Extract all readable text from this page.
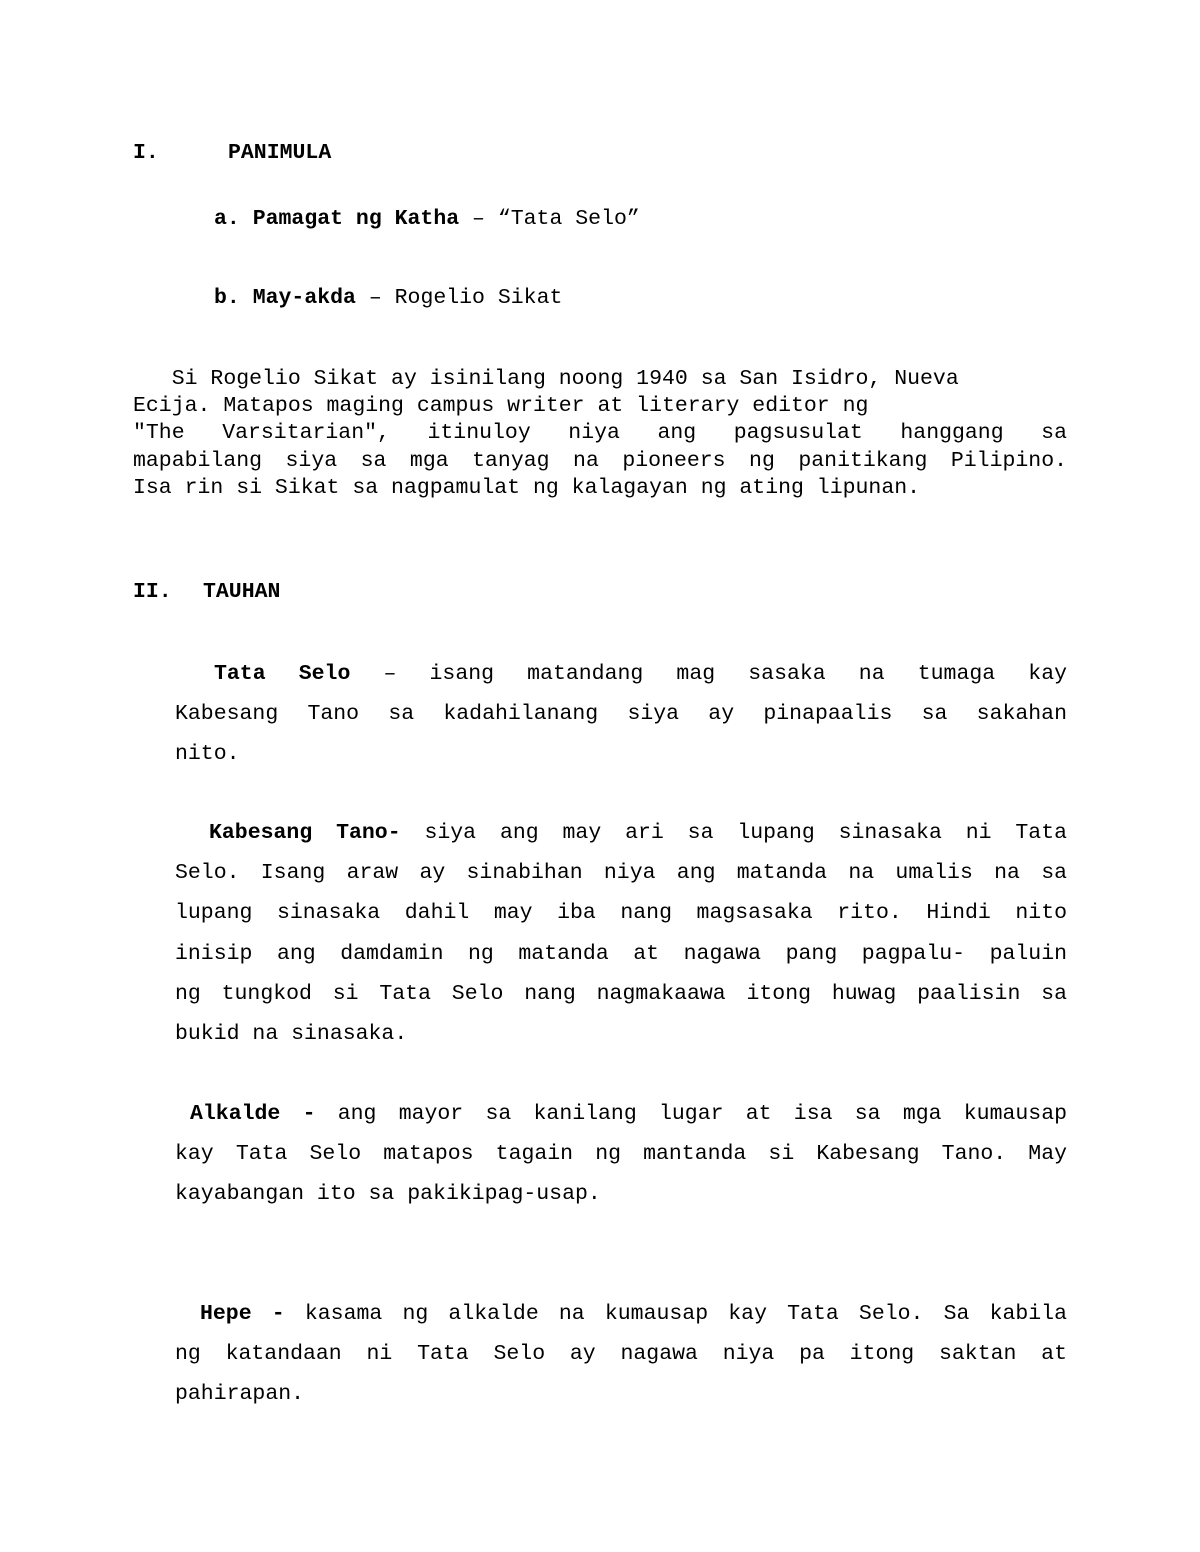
I.	PANIMULA
a. Pamagat ng Katha – “Tata Selo”
b. May-akda – Rogelio Sikat
Si Rogelio Sikat ay isinilang noong 1940 sa San Isidro, Nueva
Ecija. Matapos maging campus writer at literary editor ng
"The Varsitarian", itinuloy niya ang pagsusulat hanggang sa
mapabilang siya sa mga tanyag na pioneers ng panitikang Pilipino.
Isa rin si Sikat sa nagpamulat ng kalagayan ng ating lipunan.
II. TAUHAN
Tata Selo – isang matandang mag sasaka na tumaga kay
Kabesang Tano sa kadahilanang siya ay pinapaalis sa sakahan
nito.
Kabesang Tano- siya ang may ari sa lupang sinasaka ni Tata
Selo. Isang araw ay sinabihan niya ang matanda na umalis na sa
lupang sinasaka dahil may iba nang magsasaka rito. Hindi nito
inisip ang damdamin ng matanda at nagawa pang pagpalu- paluin
ng tungkod si Tata Selo nang nagmakaawa itong huwag paalisin sa
bukid na sinasaka.
Alkalde - ang mayor sa kanilang lugar at isa sa mga kumausap
kay Tata Selo matapos tagain ng mantanda si Kabesang Tano. May
kayabangan ito sa pakikipag-usap.
Hepe - kasama ng alkalde na kumausap kay Tata Selo. Sa kabila
ng katandaan ni Tata Selo ay nagawa niya pa itong saktan at
pahirapan.
